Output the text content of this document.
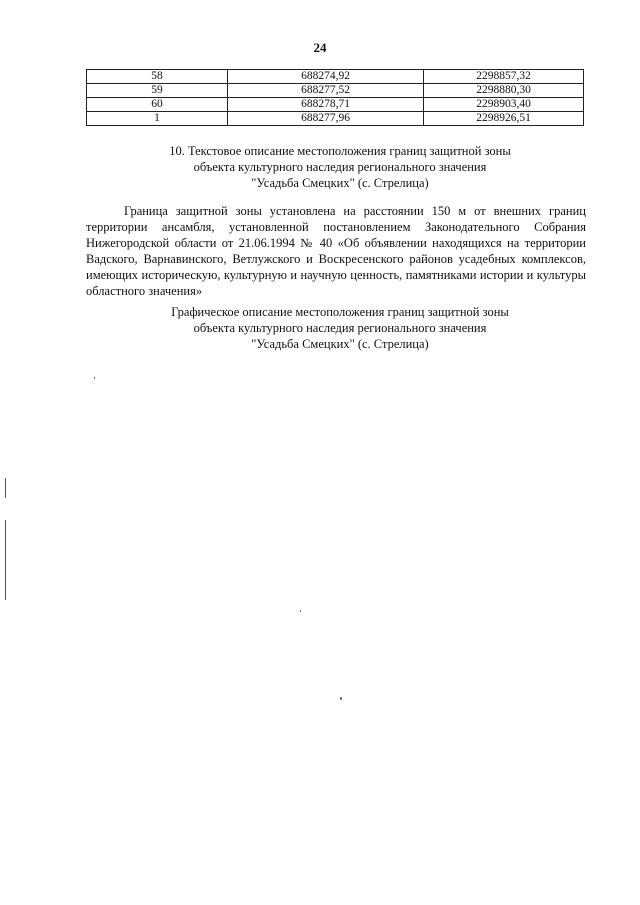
24
58	688274,92	2298857,32
59	688277,52	2298880,30
60	688278,71	2298903,40
1	688277,96	2298926,51
10. Текстовое описание местоположения границ защитной зоны
объекта культурного наследия регионального значения
"Усадьба Смецких" (с. Стрелица)
Граница защитной зоны установлена на расстоянии 150 м от внешних границ территории ансамбля, установленной постановлением Законодательного Собрания Нижегородской области от 21.06.1994 № 40 «Об объявлении находящихся на территории Вадского, Варнавинского, Ветлужского и Воскресенского районов усадебных комплексов, имеющих историческую, культурную и научную ценность, памятниками истории и культуры областного значения»
Графическое описание местоположения границ защитной зоны
объекта культурного наследия регионального значения
"Усадьба Смецких" (с. Стрелица)
